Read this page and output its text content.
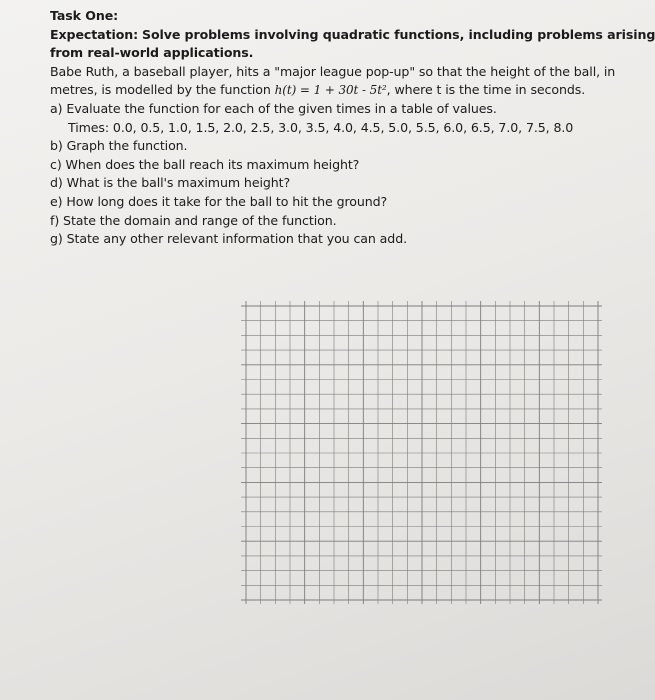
Task One:
Expectation: Solve problems involving quadratic functions, including problems arising
from real-world applications.
Babe Ruth, a baseball player, hits a "major league pop-up" so that the height of the ball, in
metres, is modelled by the function h(t) = 1 + 30t - 5t², where t is the time in seconds.
a) Evaluate the function for each of the given times in a table of values.
Times: 0.0, 0.5, 1.0, 1.5, 2.0, 2.5, 3.0, 3.5, 4.0, 4.5, 5.0, 5.5, 6.0, 6.5, 7.0, 7.5, 8.0
b) Graph the function.
c) When does the ball reach its maximum height?
d) What is the ball's maximum height?
e) How long does it take for the ball to hit the ground?
f) State the domain and range of the function.
g) State any other relevant information that you can add.
